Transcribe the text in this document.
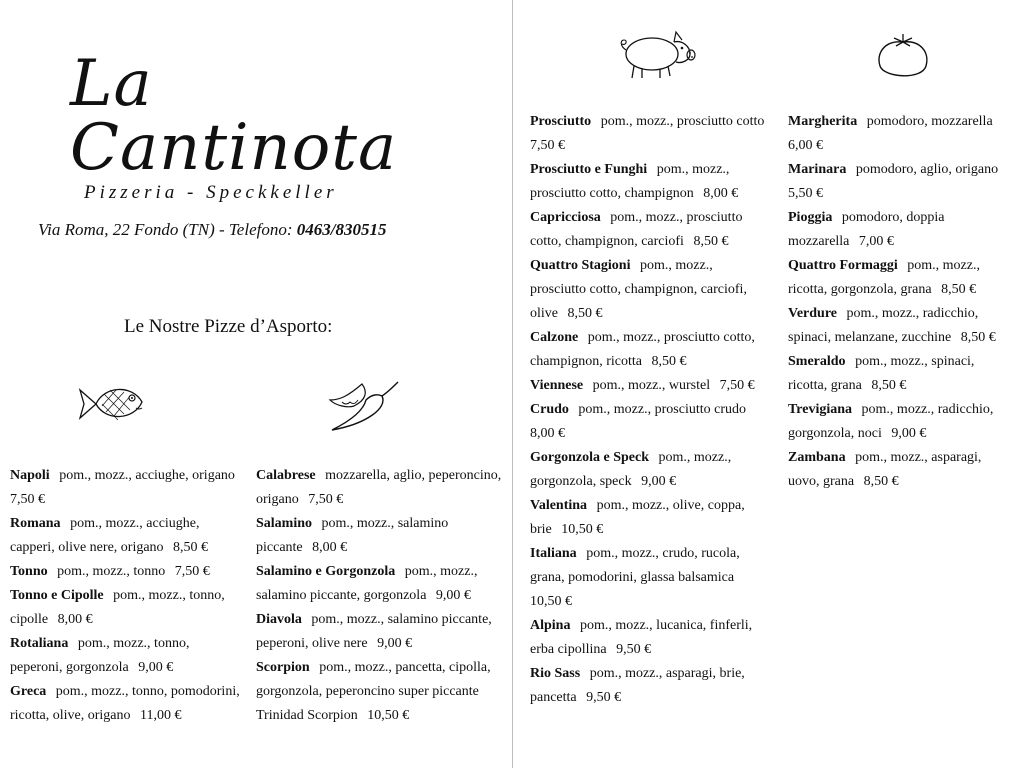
La Cantinota
Pizzeria - Speckkeller
Via Roma, 22 Fondo (TN) - Telefono: 0463/830515
Le Nostre Pizze d’Asporto:
Napoli pom., mozz., acciughe, origano 7,50 €
Romana pom., mozz., acciughe, capperi, olive nere, origano 8,50 €
Tonno pom., mozz., tonno 7,50 €
Tonno e Cipolle pom., mozz., tonno, cipolle 8,00 €
Rotaliana pom., mozz., tonno, peperoni, gorgonzola 9,00 €
Greca pom., mozz., tonno, pomodorini, ricotta, olive, origano 11,00 €
Calabrese mozzarella, aglio, peperoncino, origano 7,50 €
Salamino pom., mozz., salamino piccante 8,00 €
Salamino e Gorgonzola pom., mozz., salamino piccante, gorgonzola 9,00 €
Diavola pom., mozz., salamino piccante, peperoni, olive nere 9,00 €
Scorpion pom., mozz., pancetta, cipolla, gorgonzola, peperoncino super piccante Trinidad Scorpion 10,50 €
Prosciutto pom., mozz., prosciutto cotto 7,50 €
Prosciutto e Funghi pom., mozz., prosciutto cotto, champignon 8,00 €
Capricciosa pom., mozz., prosciutto cotto, champignon, carciofi 8,50 €
Quattro Stagioni pom., mozz., prosciutto cotto, champignon, carciofi, olive 8,50 €
Calzone pom., mozz., prosciutto cotto, champignon, ricotta 8,50 €
Viennese pom., mozz., wurstel 7,50 €
Crudo pom., mozz., prosciutto crudo 8,00 €
Gorgonzola e Speck pom., mozz., gorgonzola, speck 9,00 €
Valentina pom., mozz., olive, coppa, brie 10,50 €
Italiana pom., mozz., crudo, rucola, grana, pomodorini, glassa balsamica 10,50 €
Alpina pom., mozz., lucanica, finferli, erba cipollina 9,50 €
Rio Sass pom., mozz., asparagi, brie, pancetta 9,50 €
Margherita pomodoro, mozzarella 6,00 €
Marinara pomodoro, aglio, origano 5,50 €
Pioggia pomodoro, doppia mozzarella 7,00 €
Quattro Formaggi pom., mozz., ricotta, gorgonzola, grana 8,50 €
Verdure pom., mozz., radicchio, spinaci, melanzane, zucchine 8,50 €
Smeraldo pom., mozz., spinaci, ricotta, grana 8,50 €
Trevigiana pom., mozz., radicchio, gorgonzola, noci 9,00 €
Zambana pom., mozz., asparagi, uovo, grana 8,50 €
